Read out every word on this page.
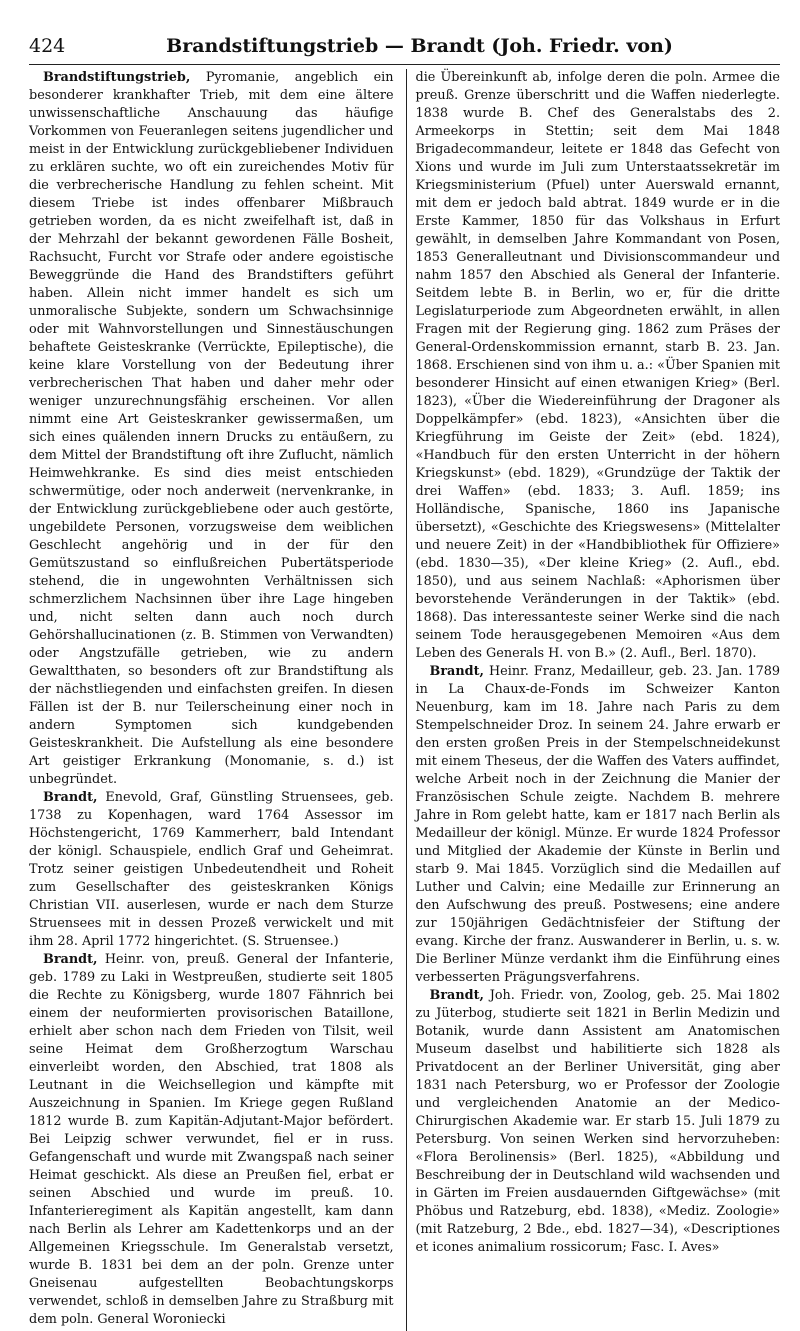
424	Brandstiftungstrieb — Brandt (Joh. Friedr. von)

Brandstiftungstrieb, Pyromanie, angeblich ein besonderer krankhafter Trieb, mit dem eine ältere unwissenschaftliche Anschauung das häufige Vorkommen von Feueranlegen seitens jugendlicher und meist in der Entwicklung zurückgebliebener Individuen zu erklären suchte, wo oft ein zureichendes Motiv für die verbrecherische Handlung zu fehlen scheint. Mit diesem Triebe ist indes offenbarer Mißbrauch getrieben worden, da es nicht zweifelhaft ist, daß in der Mehrzahl der bekannt gewordenen Fälle Bosheit, Rachsucht, Furcht vor Strafe oder andere egoistische Beweggründe die Hand des Brandstifters geführt haben. Allein nicht immer handelt es sich um unmoralische Subjekte, sondern um Schwachsinnige oder mit Wahnvorstellungen und Sinnestäuschungen behaftete Geisteskranke (Verrückte, Epileptische), die keine klare Vorstellung von der Bedeutung ihrer verbrecherischen That haben und daher mehr oder weniger unzurechnungsfähig erscheinen. Vor allen nimmt eine Art Geisteskranker gewissermaßen, um sich eines quälenden innern Drucks zu entäußern, zu dem Mittel der Brandstiftung oft ihre Zuflucht, nämlich Heimwehkranke. Es sind dies meist entschieden schwermütige, oder noch anderweit (nervenkranke, in der Entwicklung zurückgebliebene oder auch gestörte, ungebildete Personen, vorzugsweise dem weiblichen Geschlecht angehörig und in der für den Gemütszustand so einflußreichen Pubertätsperiode stehend, die in ungewohnten Verhältnissen sich schmerzlichem Nachsinnen über ihre Lage hingeben und, nicht selten dann auch noch durch Gehörshallucinationen (z. B. Stimmen von Verwandten) oder Angstzufälle getrieben, wie zu andern Gewaltthaten, so besonders oft zur Brandstiftung als der nächstliegenden und einfachsten greifen. In diesen Fällen ist der B. nur Teilerscheinung einer noch in andern Symptomen sich kundgebenden Geisteskrankheit. Die Aufstellung als eine besondere Art geistiger Erkrankung (Monomanie, s. d.) ist unbegründet.

Brandt, Enevold, Graf, Günstling Struensees, geb. 1738 zu Kopenhagen, ward 1764 Assessor im Höchstengericht, 1769 Kammerherr, bald Intendant der königl. Schauspiele, endlich Graf und Geheimrat. Trotz seiner geistigen Unbedeutendheit und Roheit zum Gesellschafter des geisteskranken Königs Christian VII. auserlesen, wurde er nach dem Sturze Struensees mit in dessen Prozeß verwickelt und mit ihm 28. April 1772 hingerichtet. (S. Struensee.)

Brandt, Heinr. von, preuß. General der Infanterie, geb. 1789 zu Laki in Westpreußen, studierte seit 1805 die Rechte zu Königsberg, wurde 1807 Fähnrich bei einem der neuformierten provisorischen Bataillone, erhielt aber schon nach dem Frieden von Tilsit, weil seine Heimat dem Großherzogtum Warschau einverleibt worden, den Abschied, trat 1808 als Leutnant in die Weichsellegion und kämpfte mit Auszeichnung in Spanien. Im Kriege gegen Rußland 1812 wurde B. zum Kapitän-Adjutant-Major befördert. Bei Leipzig schwer verwundet, fiel er in russ. Gefangenschaft und wurde mit Zwangspaß nach seiner Heimat geschickt. Als diese an Preußen fiel, erbat er seinen Abschied und wurde im preuß. 10. Infanterieregiment als Kapitän angestellt, kam dann nach Berlin als Lehrer am Kadettenkorps und an der Allgemeinen Kriegsschule. Im Generalstab versetzt, wurde B. 1831 bei dem an der poln. Grenze unter Gneisenau aufgestellten Beobachtungskorps verwendet, schloß in demselben Jahre zu Straßburg mit dem poln. General Woroniecki

die Übereinkunft ab, infolge deren die poln. Armee die preuß. Grenze überschritt und die Waffen niederlegte. 1838 wurde B. Chef des Generalstabs des 2. Armeekorps in Stettin; seit dem Mai 1848 Brigadecommandeur, leitete er 1848 das Gefecht von Xions und wurde im Juli zum Unterstaatssekretär im Kriegsministerium (Pfuel) unter Auerswald ernannt, mit dem er jedoch bald abtrat. 1849 wurde er in die Erste Kammer, 1850 für das Volkshaus in Erfurt gewählt, in demselben Jahre Kommandant von Posen, 1853 Generalleutnant und Divisionscommandeur und nahm 1857 den Abschied als General der Infanterie. Seitdem lebte B. in Berlin, wo er, für die dritte Legislaturperiode zum Abgeordneten erwählt, in allen Fragen mit der Regierung ging. 1862 zum Präses der General-Ordenskommission ernannt, starb B. 23. Jan. 1868. Erschienen sind von ihm u. a.: «Über Spanien mit besonderer Hinsicht auf einen etwanigen Krieg» (Berl. 1823), «Über die Wiedereinführung der Dragoner als Doppelkämpfer» (ebd. 1823), «Ansichten über die Kriegführung im Geiste der Zeit» (ebd. 1824), «Handbuch für den ersten Unterricht in der höhern Kriegskunst» (ebd. 1829), «Grundzüge der Taktik der drei Waffen» (ebd. 1833; 3. Aufl. 1859; ins Holländische, Spanische, 1860 ins Japanische übersetzt), «Geschichte des Kriegswesens» (Mittelalter und neuere Zeit) in der «Handbibliothek für Offiziere» (ebd. 1830—35), «Der kleine Krieg» (2. Aufl., ebd. 1850), und aus seinem Nachlaß: «Aphorismen über bevorstehende Veränderungen in der Taktik» (ebd. 1868). Das interessanteste seiner Werke sind die nach seinem Tode herausgegebenen Memoiren «Aus dem Leben des Generals H. von B.» (2. Aufl., Berl. 1870).

Brandt, Heinr. Franz, Medailleur, geb. 23. Jan. 1789 in La Chaux-de-Fonds im Schweizer Kanton Neuenburg, kam im 18. Jahre nach Paris zu dem Stempelschneider Droz. In seinem 24. Jahre erwarb er den ersten großen Preis in der Stempelschneidekunst mit einem Theseus, der die Waffen des Vaters auffindet, welche Arbeit noch in der Zeichnung die Manier der Französischen Schule zeigte. Nachdem B. mehrere Jahre in Rom gelebt hatte, kam er 1817 nach Berlin als Medailleur der königl. Münze. Er wurde 1824 Professor und Mitglied der Akademie der Künste in Berlin und starb 9. Mai 1845. Vorzüglich sind die Medaillen auf Luther und Calvin; eine Medaille zur Erinnerung an den Aufschwung des preuß. Postwesens; eine andere zur 150jährigen Gedächtnisfeier der Stiftung der evang. Kirche der franz. Auswanderer in Berlin, u. s. w. Die Berliner Münze verdankt ihm die Einführung eines verbesserten Prägungsverfahrens.

Brandt, Joh. Friedr. von, Zoolog, geb. 25. Mai 1802 zu Jüterbog, studierte seit 1821 in Berlin Medizin und Botanik, wurde dann Assistent am Anatomischen Museum daselbst und habilitierte sich 1828 als Privatdocent an der Berliner Universität, ging aber 1831 nach Petersburg, wo er Professor der Zoologie und vergleichenden Anatomie an der Medico-Chirurgischen Akademie war. Er starb 15. Juli 1879 zu Petersburg. Von seinen Werken sind hervorzuheben: «Flora Berolinensis» (Berl. 1825), «Abbildung und Beschreibung der in Deutschland wild wachsenden und in Gärten im Freien ausdauernden Giftgewächse» (mit Phöbus und Ratzeburg, ebd. 1838), «Mediz. Zoologie» (mit Ratzeburg, 2 Bde., ebd. 1827—34), «Descriptiones et icones animalium rossicorum; Fasc. I. Aves»
